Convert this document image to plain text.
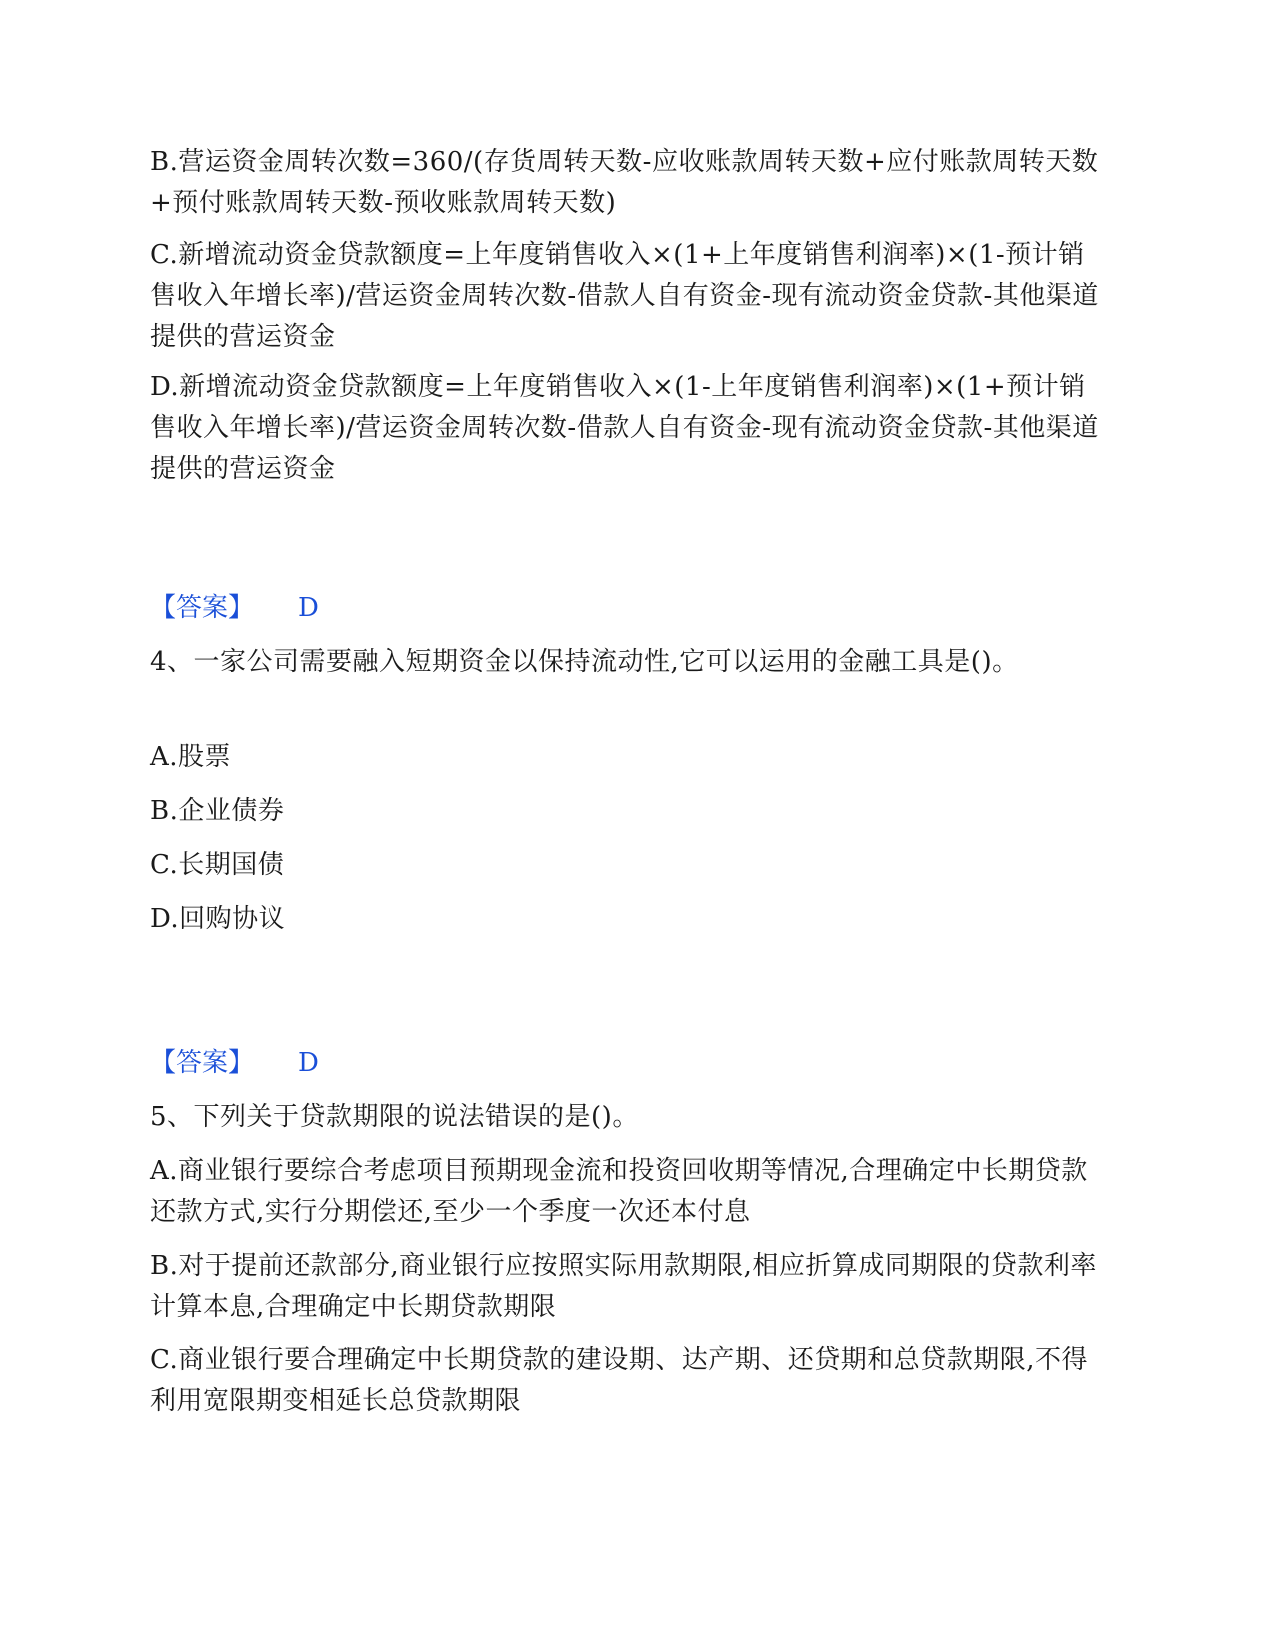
B.营运资金周转次数=360/(存货周转天数-应收账款周转天数+应付账款周转天数+预付账款周转天数-预收账款周转天数)

C.新增流动资金贷款额度=上年度销售收入×(1+上年度销售利润率)×(1-预计销售收入年增长率)/营运资金周转次数-借款人自有资金-现有流动资金贷款-其他渠道提供的营运资金

D.新增流动资金贷款额度=上年度销售收入×(1-上年度销售利润率)×(1+预计销售收入年增长率)/营运资金周转次数-借款人自有资金-现有流动资金贷款-其他渠道提供的营运资金

【答案】 D

4、一家公司需要融入短期资金以保持流动性,它可以运用的金融工具是()。

A.股票

B.企业债券

C.长期国债

D.回购协议

【答案】 D

5、下列关于贷款期限的说法错误的是()。

A.商业银行要综合考虑项目预期现金流和投资回收期等情况,合理确定中长期贷款还款方式,实行分期偿还,至少一个季度一次还本付息

B.对于提前还款部分,商业银行应按照实际用款期限,相应折算成同期限的贷款利率计算本息,合理确定中长期贷款期限

C.商业银行要合理确定中长期贷款的建设期、达产期、还贷期和总贷款期限,不得利用宽限期变相延长总贷款期限
